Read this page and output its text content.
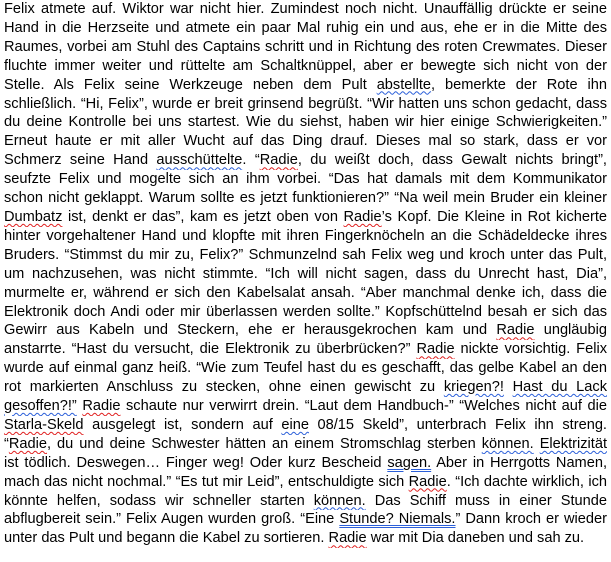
Felix atmete auf. Wiktor war nicht hier. Zumindest noch nicht. Unauffällig drückte er seine
Hand in die Herzseite und atmete ein paar Mal ruhig ein und aus, ehe er in die Mitte des
Raumes, vorbei am Stuhl des Captains schritt und in Richtung des roten Crewmates. Dieser
fluchte immer weiter und rüttelte am Schaltknüppel, aber er bewegte sich nicht von der
Stelle. Als Felix seine Werkzeuge neben dem Pult abstellte, bemerkte der Rote ihn
schließlich. “Hi, Felix”, wurde er breit grinsend begrüßt. “Wir hatten uns schon gedacht, dass
du deine Kontrolle bei uns startest. Wie du siehst, haben wir hier einige Schwierigkeiten.”
Erneut haute er mit aller Wucht auf das Ding drauf. Dieses mal so stark, dass er vor
Schmerz seine Hand ausschüttelte. “Radie, du weißt doch, dass Gewalt nichts bringt”,
seufzte Felix und mogelte sich an ihm vorbei. “Das hat damals mit dem Kommunikator
schon nicht geklappt. Warum sollte es jetzt funktionieren?” “Na weil mein Bruder ein kleiner
Dumbatz ist, denkt er das”, kam es jetzt oben von Radie’s Kopf. Die Kleine in Rot kicherte
hinter vorgehaltener Hand und klopfte mit ihren Fingerknöcheln an die Schädeldecke ihres
Bruders. “Stimmst du mir zu, Felix?” Schmunzelnd sah Felix weg und kroch unter das Pult,
um nachzusehen, was nicht stimmte. “Ich will nicht sagen, dass du Unrecht hast, Dia”,
murmelte er, während er sich den Kabelsalat ansah. “Aber manchmal denke ich, dass die
Elektronik doch Andi oder mir überlassen werden sollte.” Kopfschüttelnd besah er sich das
Gewirr aus Kabeln und Steckern, ehe er herausgekrochen kam und Radie ungläubig
anstarrte. “Hast du versucht, die Elektronik zu überbrücken?” Radie nickte vorsichtig. Felix
wurde auf einmal ganz heiß. “Wie zum Teufel hast du es geschafft, das gelbe Kabel an den
rot markierten Anschluss zu stecken, ohne einen gewischt zu kriegen?! Hast du Lack
gesoffen?!” Radie schaute nur verwirrt drein. “Laut dem Handbuch-” “Welches nicht auf die
Starla-Skeld ausgelegt ist, sondern auf eine 08/15 Skeld”, unterbrach Felix ihn streng.
“Radie, du und deine Schwester hätten an einem Stromschlag sterben können. Elektrizität
ist tödlich. Deswegen… Finger weg! Oder kurz Bescheid sagen. Aber in Herrgotts Namen,
mach das nicht nochmal.” “Es tut mir Leid”, entschuldigte sich Radie. “Ich dachte wirklich, ich
könnte helfen, sodass wir schneller starten können. Das Schiff muss in einer Stunde
abflugbereit sein.” Felix Augen wurden groß. “Eine Stunde? Niemals.” Dann kroch er wieder
unter das Pult und begann die Kabel zu sortieren. Radie war mit Dia daneben und sah zu.
